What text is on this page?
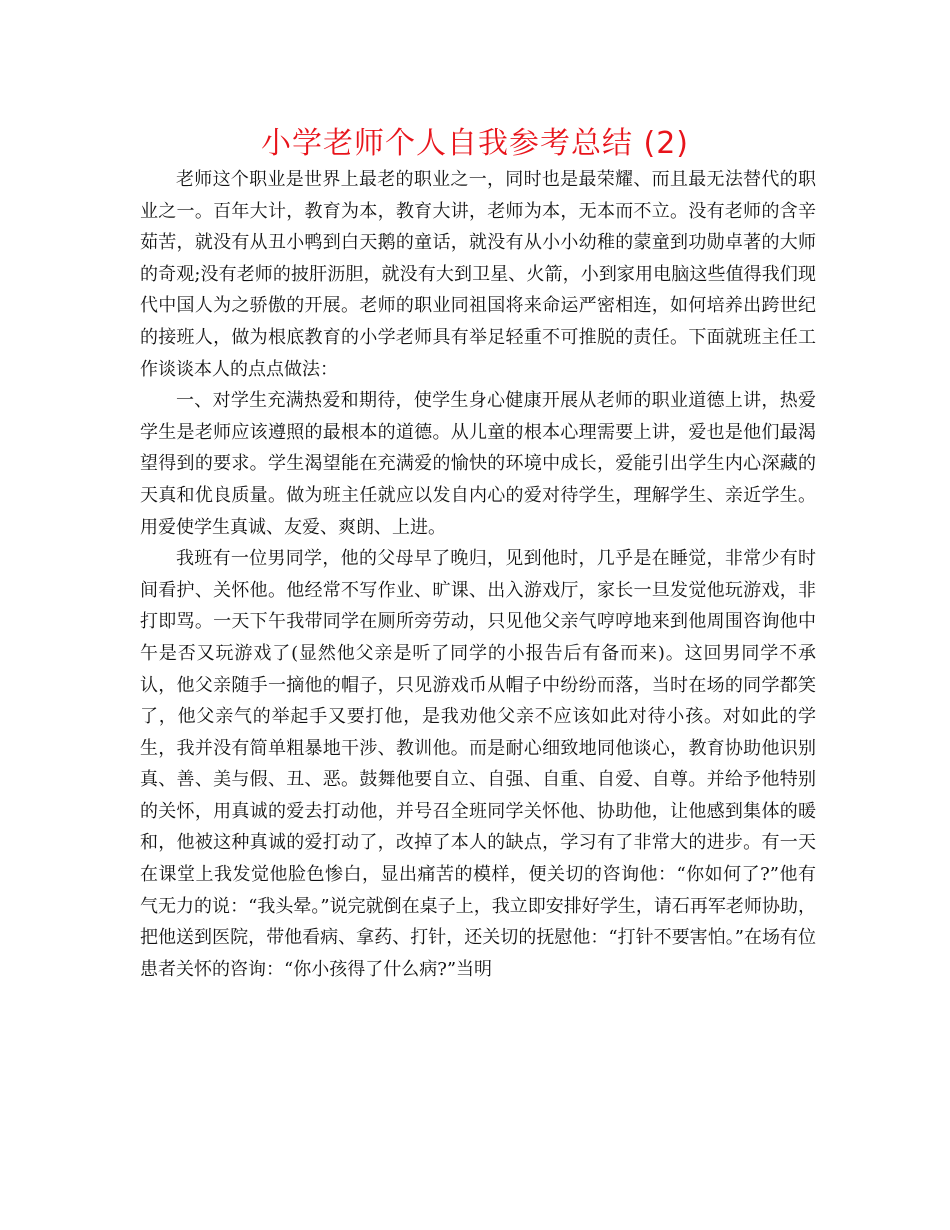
小学老师个人自我参考总结 (2)

老师这个职业是世界上最老的职业之一，同时也是最荣耀、而且最无法替代的职业之一。百年大计，教育为本，教育大讲，老师为本，无本而不立。没有老师的含辛茹苦，就没有从丑小鸭到白天鹅的童话，就没有从小小幼稚的蒙童到功勋卓著的大师的奇观;没有老师的披肝沥胆，就没有大到卫星、火箭，小到家用电脑这些值得我们现代中国人为之骄傲的开展。老师的职业同祖国将来命运严密相连，如何培养出跨世纪的接班人，做为根底教育的小学老师具有举足轻重不可推脱的责任。下面就班主任工作谈谈本人的点点做法：

一、对学生充满热爱和期待，使学生身心健康开展从老师的职业道德上讲，热爱学生是老师应该遵照的最根本的道德。从儿童的根本心理需要上讲，爱也是他们最渴望得到的要求。学生渴望能在充满爱的愉快的环境中成长，爱能引出学生内心深藏的天真和优良质量。做为班主任就应以发自内心的爱对待学生，理解学生、亲近学生。用爱使学生真诚、友爱、爽朗、上进。

我班有一位男同学，他的父母早了晚归，见到他时，几乎是在睡觉，非常少有时间看护、关怀他。他经常不写作业、旷课、出入游戏厅，家长一旦发觉他玩游戏，非打即骂。一天下午我带同学在厕所旁劳动，只见他父亲气哼哼地来到他周围咨询他中午是否又玩游戏了(显然他父亲是听了同学的小报告后有备而来)。这回男同学不承认，他父亲随手一摘他的帽子，只见游戏币从帽子中纷纷而落，当时在场的同学都笑了，他父亲气的举起手又要打他，是我劝他父亲不应该如此对待小孩。对如此的学生，我并没有简单粗暴地干涉、教训他。而是耐心细致地同他谈心，教育协助他识别真、善、美与假、丑、恶。鼓舞他要自立、自强、自重、自爱、自尊。并给予他特别的关怀，用真诚的爱去打动他，并号召全班同学关怀他、协助他，让他感到集体的暖和，他被这种真诚的爱打动了，改掉了本人的缺点，学习有了非常大的进步。有一天在课堂上我发觉他脸色惨白，显出痛苦的模样，便关切的咨询他：“你如何了?”他有气无力的说：“我头晕。”说完就倒在桌子上，我立即安排好学生，请石再军老师协助，把他送到医院，带他看病、拿药、打针，还关切的抚慰他：“打针不要害怕。”在场有位患者关怀的咨询：“你小孩得了什么病?”当明
